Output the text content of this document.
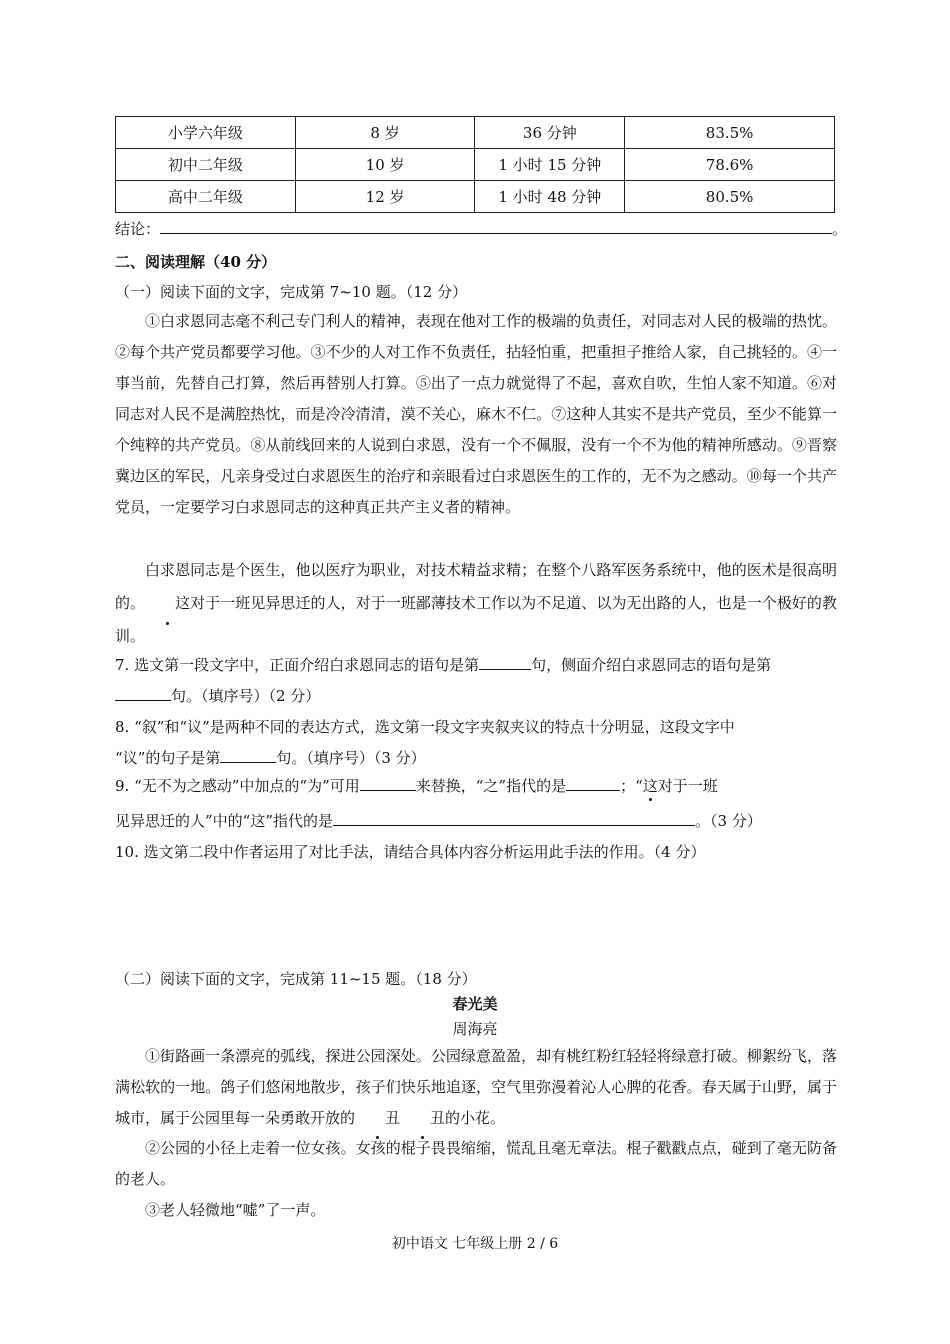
小学六年级	8 岁	36 分钟	83.5%
初中二年级	10 岁	1 小时 15 分钟	78.6%
高中二年级	12 岁	1 小时 48 分钟	80.5%
结论：	。
二、阅读理解（40 分）
（一）阅读下面的文字，完成第 7~10 题。（12 分）

①白求恩同志毫不利己专门利人的精神，表现在他对工作的极端的负责任，对同志对人民的极端的热忱。②每个共产党员都要学习他。③不少的人对工作不负责任，拈轻怕重，把重担子推给人家，自己挑轻的。④一事当前，先替自己打算，然后再替别人打算。⑤出了一点力就觉得了不起，喜欢自吹，生怕人家不知道。⑥对同志对人民不是满腔热忱，而是冷冷清清，漠不关心，麻木不仁。⑦这种人其实不是共产党员，至少不能算一个纯粹的共产党员。⑧从前线回来的人说到白求恩，没有一个不佩服，没有一个不为他的精神所感动。⑨晋察冀边区的军民，凡亲身受过白求恩医生的治疗和亲眼看过白求恩医生的工作的，无不为之感动。⑩每一个共产党员，一定要学习白求恩同志的这种真正共产主义者的精神。

白求恩同志是个医生，他以医疗为职业，对技术精益求精；在整个八路军医务系统中，他的医术是很高明的。 这对于一班见异思迁的人，对于一班鄙薄技术工作以为不足道、以为无出路的人，也是一个极好的教训。

7. 选文第一段文字中，正面介绍白求恩同志的语句是第	句，侧面介绍白求恩同志的语句是第
句。（填序号）（2 分）
8. “叙”和“议”是两种不同的表达方式，选文第一段文字夹叙夹议的特点十分明显，这段文字中
“议”的句子是第	句。（填序号）（3 分）
9. “无不为之感动”中加点的“为”可用	来替换，“之”指代的是	；“这对于一班
见异思迁的人”中的“这”指代的是	。（3 分）
10. 选文第二段中作者运用了对比手法，请结合具体内容分析运用此手法的作用。（4 分）
（二）阅读下面的文字，完成第 11~15 题。（18 分）
春光美
周海亮

①街路画一条漂亮的弧线，探进公园深处。公园绿意盈盈，却有桃红粉红轻轻将绿意打破。柳絮纷飞，落满松软的一地。鸽子们悠闲地散步，孩子们快乐地追逐，空气里弥漫着沁人心脾的花香。春天属于山野，属于城市，属于公园里每一朵勇敢开放的 丑 丑的小花。

②公园的小径上走着一位女孩。女孩的棍子畏畏缩缩，慌乱且毫无章法。棍子戳戳点点，碰到了毫无防备的老人。

③老人轻微地“嘘”了一声。

初中语文 七年级上册 2 / 6
